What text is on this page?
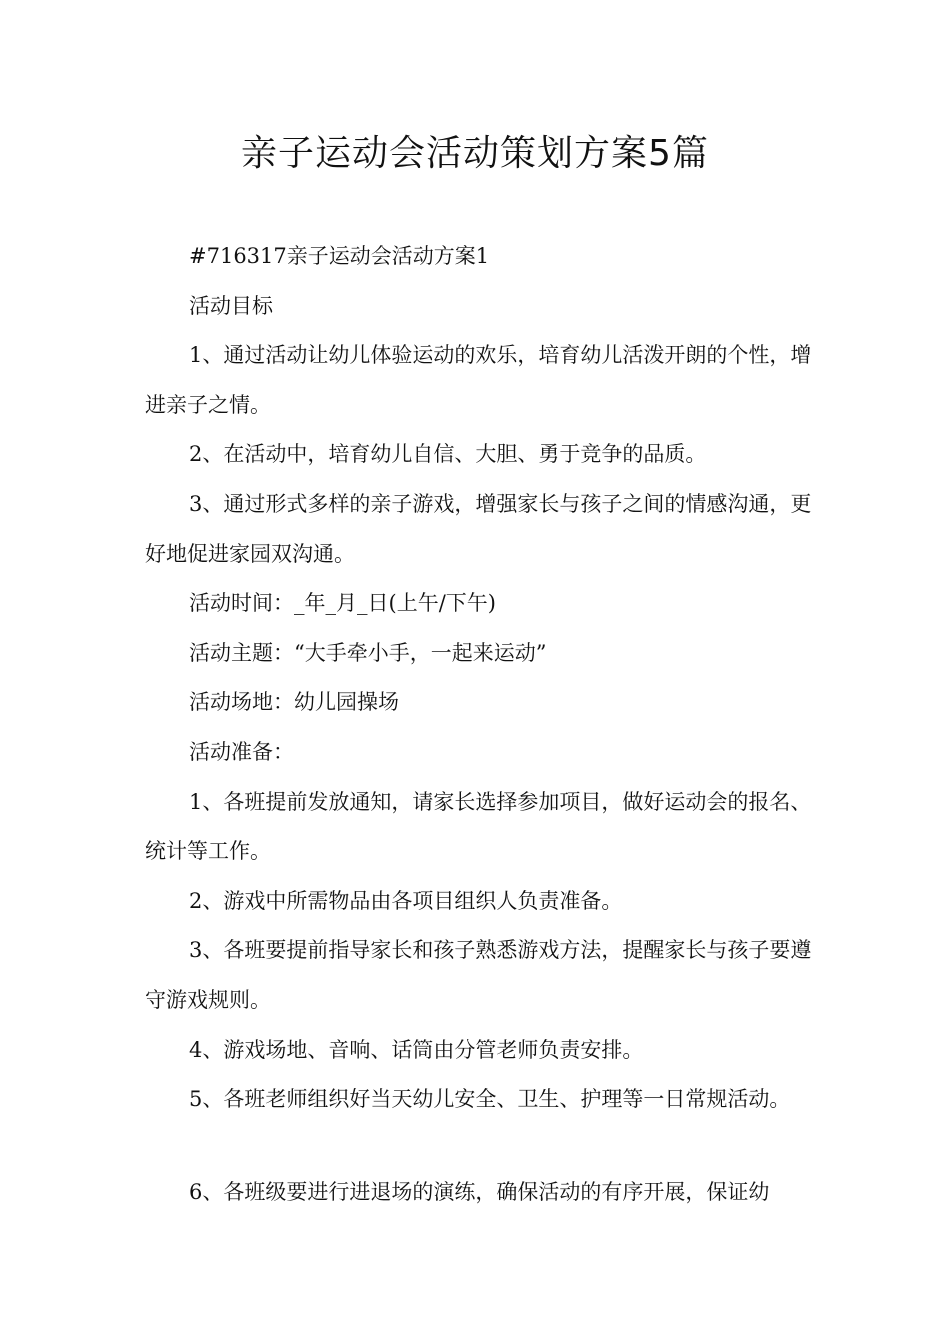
亲子运动会活动策划方案5篇

#716317亲子运动会活动方案1

活动目标

1、通过活动让幼儿体验运动的欢乐，培育幼儿活泼开朗的个性，增进亲子之情。

2、在活动中，培育幼儿自信、大胆、勇于竞争的品质。

3、通过形式多样的亲子游戏，增强家长与孩子之间的情感沟通，更好地促进家园双沟通。

活动时间：_年_月_日(上午/下午)

活动主题：“大手牵小手，一起来运动”

活动场地：幼儿园操场

活动准备：

1、各班提前发放通知，请家长选择参加项目，做好运动会的报名、统计等工作。

2、游戏中所需物品由各项目组织人负责准备。

3、各班要提前指导家长和孩子熟悉游戏方法，提醒家长与孩子要遵守游戏规则。

4、游戏场地、音响、话筒由分管老师负责安排。

5、各班老师组织好当天幼儿安全、卫生、护理等一日常规活动。

6、各班级要进行进退场的演练，确保活动的有序开展，保证幼
